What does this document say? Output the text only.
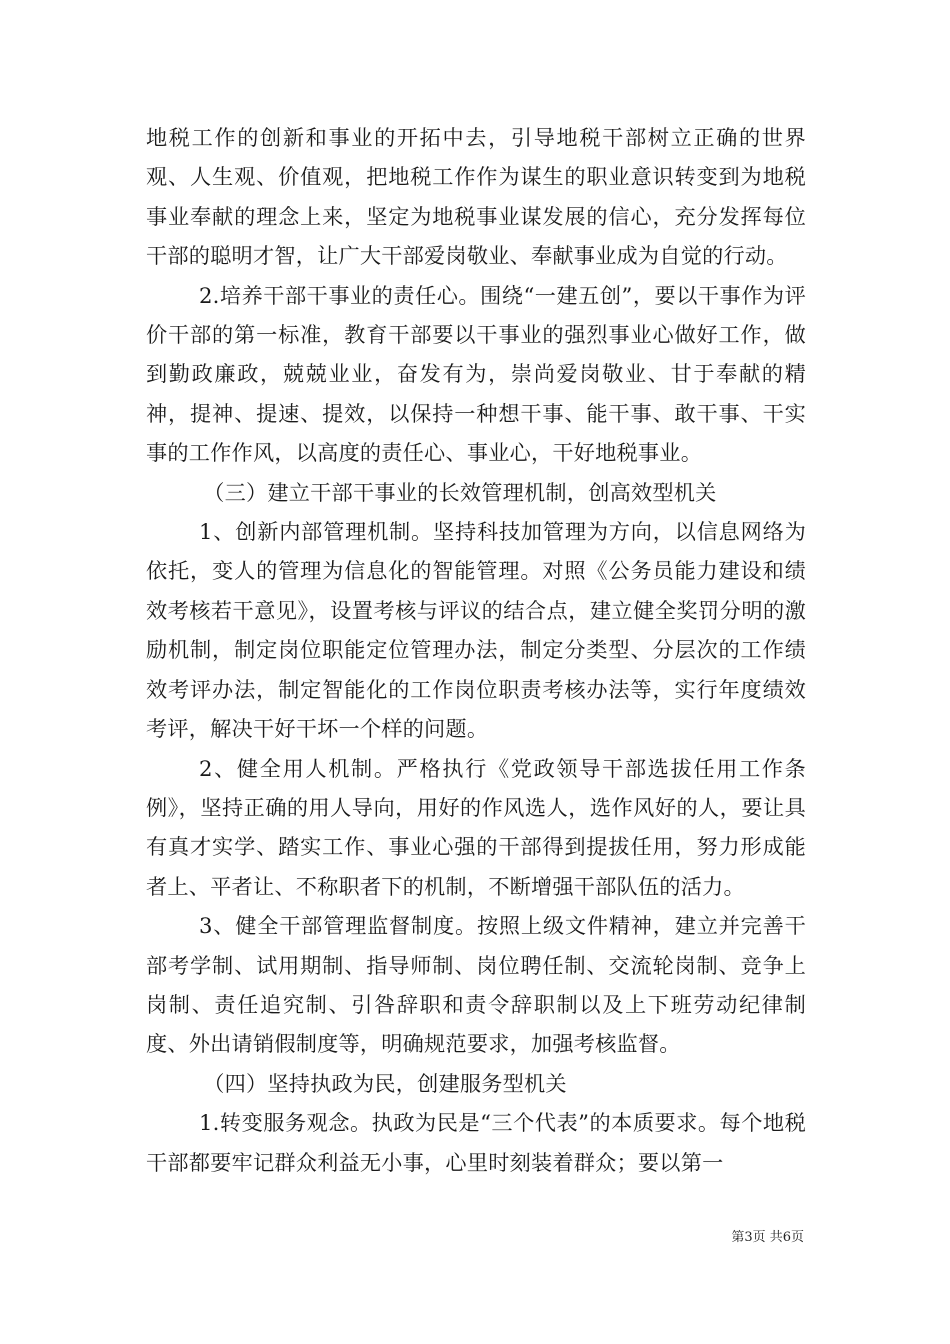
地税工作的创新和事业的开拓中去，引导地税干部树立正确的世界观、人生观、价值观，把地税工作作为谋生的职业意识转变到为地税事业奉献的理念上来，坚定为地税事业谋发展的信心，充分发挥每位干部的聪明才智，让广大干部爱岗敬业、奉献事业成为自觉的行动。

2.培养干部干事业的责任心。围绕“一建五创”，要以干事作为评价干部的第一标准，教育干部要以干事业的强烈事业心做好工作，做到勤政廉政，兢兢业业，奋发有为，崇尚爱岗敬业、甘于奉献的精神，提神、提速、提效，以保持一种想干事、能干事、敢干事、干实事的工作作风，以高度的责任心、事业心，干好地税事业。

（三）建立干部干事业的长效管理机制，创高效型机关

1、创新内部管理机制。坚持科技加管理为方向，以信息网络为依托，变人的管理为信息化的智能管理。对照《公务员能力建设和绩效考核若干意见》，设置考核与评议的结合点，建立健全奖罚分明的激励机制，制定岗位职能定位管理办法，制定分类型、分层次的工作绩效考评办法，制定智能化的工作岗位职责考核办法等，实行年度绩效考评，解决干好干坏一个样的问题。

2、健全用人机制。严格执行《党政领导干部选拔任用工作条例》，坚持正确的用人导向，用好的作风选人，选作风好的人，要让具有真才实学、踏实工作、事业心强的干部得到提拔任用，努力形成能者上、平者让、不称职者下的机制，不断增强干部队伍的活力。

3、健全干部管理监督制度。按照上级文件精神，建立并完善干部考学制、试用期制、指导师制、岗位聘任制、交流轮岗制、竞争上岗制、责任追究制、引咎辞职和责令辞职制以及上下班劳动纪律制度、外出请销假制度等，明确规范要求，加强考核监督。

（四）坚持执政为民，创建服务型机关

1.转变服务观念。执政为民是“三个代表”的本质要求。每个地税干部都要牢记群众利益无小事，心里时刻装着群众；要以第一

第3页 共6页
